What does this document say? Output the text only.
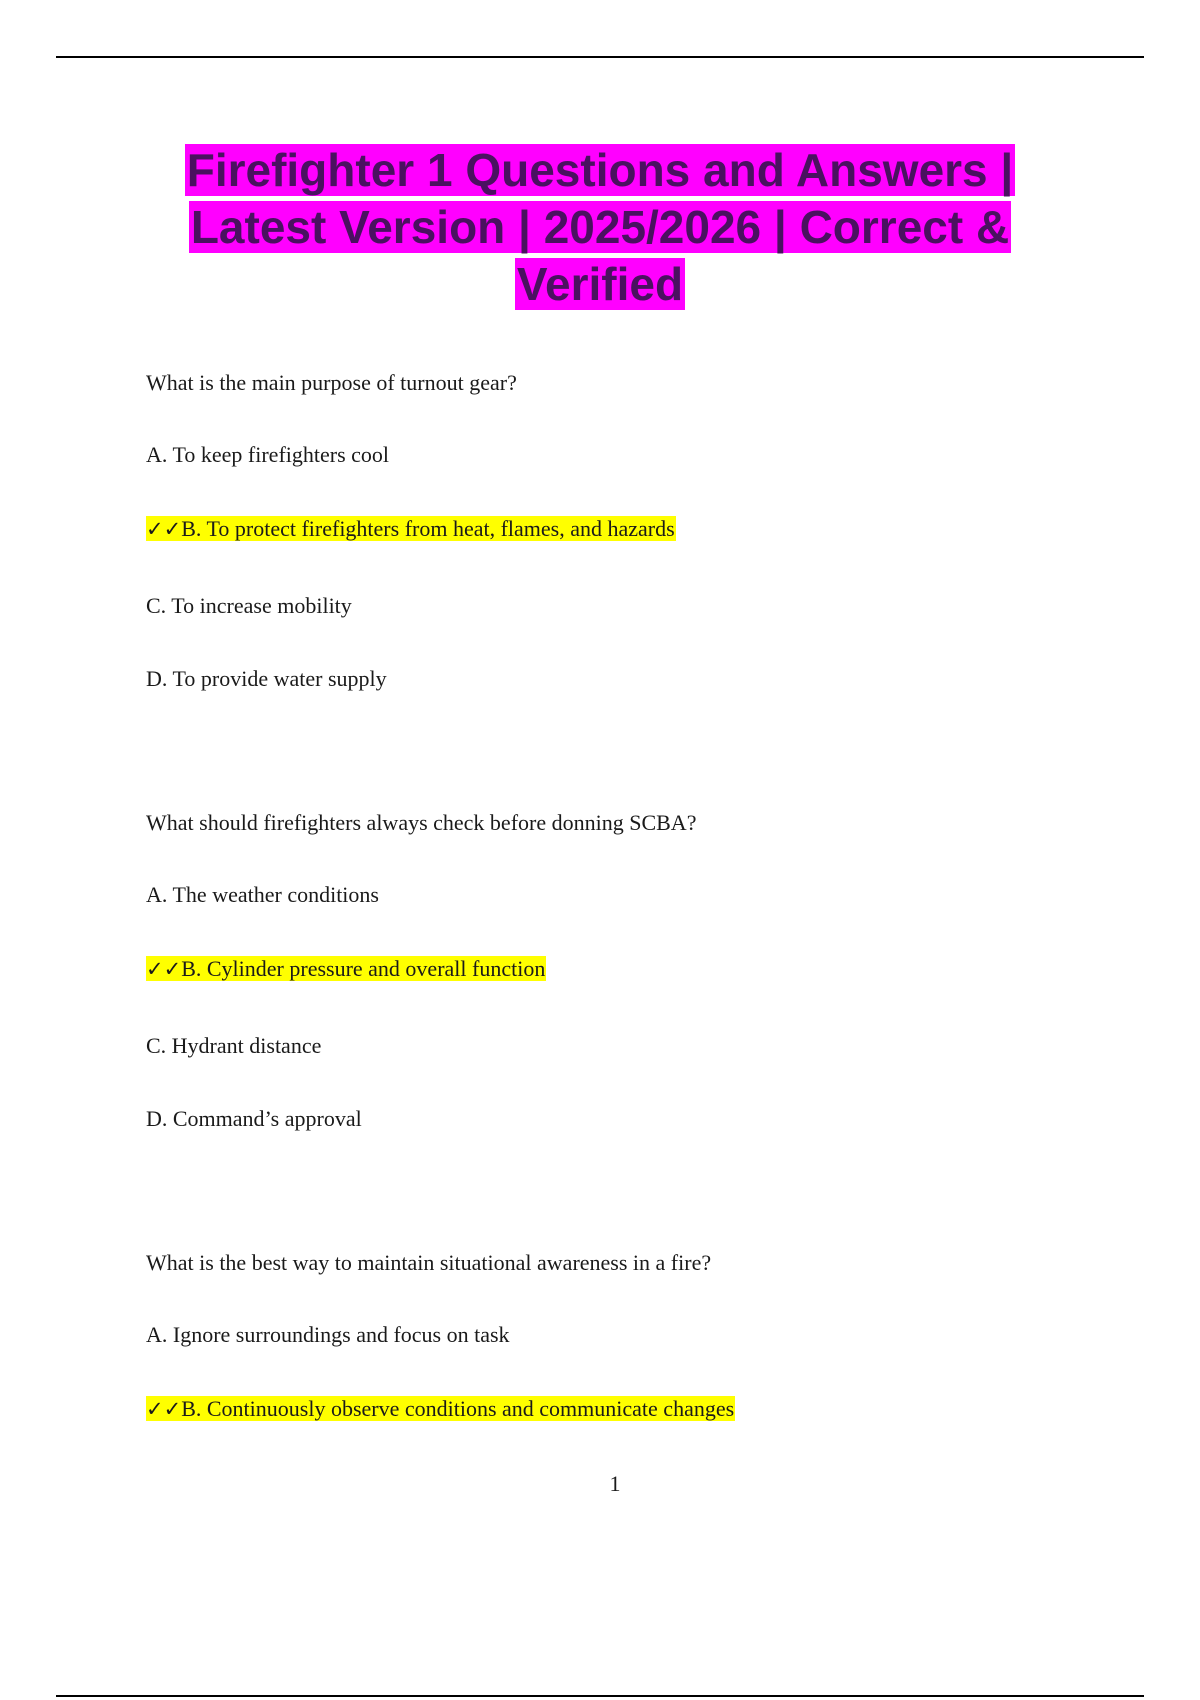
Firefighter 1 Questions and Answers |
Latest Version | 2025/2026 | Correct &
Verified
What is the main purpose of turnout gear?
A. To keep firefighters cool
✓✓B. To protect firefighters from heat, flames, and hazards
C. To increase mobility
D. To provide water supply
What should firefighters always check before donning SCBA?
A. The weather conditions
✓✓B. Cylinder pressure and overall function
C. Hydrant distance
D. Command’s approval
What is the best way to maintain situational awareness in a fire?
A. Ignore surroundings and focus on task
✓✓B. Continuously observe conditions and communicate changes
1
